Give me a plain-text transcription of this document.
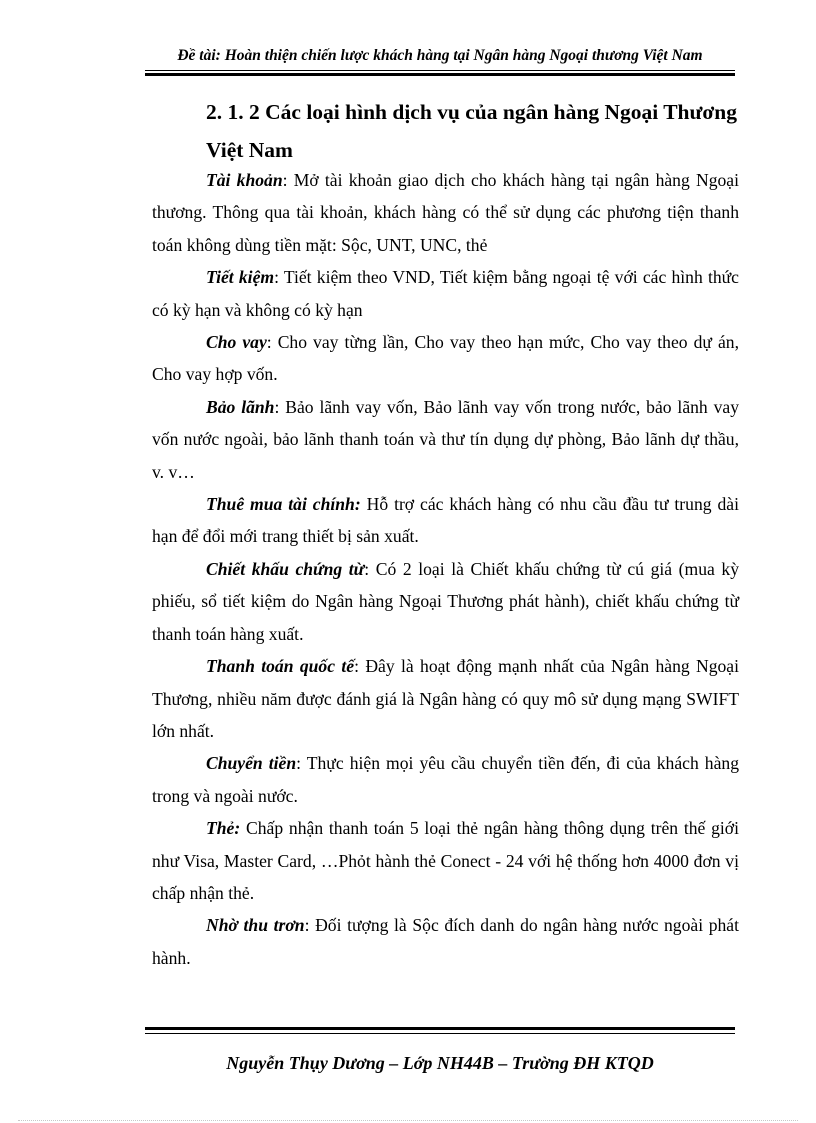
Đề tài: Hoàn thiện chiến lược khách hàng tại Ngân hàng Ngoại thương Việt Nam
2. 1. 2 Các loại hình dịch vụ của ngân hàng Ngoại Thương Việt Nam

Tài khoản: Mở tài khoản giao dịch cho khách hàng tại ngân hàng Ngoại thương. Thông qua tài khoản, khách hàng có thể sử dụng các phương tiện thanh toán không dùng tiền mặt: Sộc, UNT, UNC, thẻ

Tiết kiệm: Tiết kiệm theo VND, Tiết kiệm bằng ngoại tệ với các hình thức có kỳ hạn và không có kỳ hạn

Cho vay: Cho vay từng lần, Cho vay theo hạn mức, Cho vay theo dự án, Cho vay hợp vốn.

Bảo lãnh: Bảo lãnh vay vốn, Bảo lãnh vay vốn trong nước, bảo lãnh vay vốn nước ngoài, bảo lãnh thanh toán và thư tín dụng dự phòng, Bảo lãnh dự thầu, v. v…

Thuê mua tài chính: Hỗ trợ các khách hàng có nhu cầu đầu tư trung dài hạn để đổi mới trang thiết bị sản xuất.

Chiết khấu chứng từ: Có 2 loại là Chiết khấu chứng từ cú giá (mua kỳ phiếu, sổ tiết kiệm do Ngân hàng Ngoại Thương phát hành), chiết khấu chứng từ thanh toán hàng xuất.

Thanh toán quốc tế: Đây là hoạt động mạnh nhất của Ngân hàng Ngoại Thương, nhiều năm được đánh giá là Ngân hàng có quy mô sử dụng mạng SWIFT lớn nhất.

Chuyển tiền: Thực hiện mọi yêu cầu chuyển tiền đến, đi của khách hàng trong và ngoài nước.

Thẻ: Chấp nhận thanh toán 5 loại thẻ ngân hàng thông dụng trên thế giới như Visa, Master Card, …Phỏt hành thẻ Conect - 24 với hệ thống hơn 4000 đơn vị chấp nhận thẻ.

Nhờ thu trơn: Đối tượng là Sộc đích danh do ngân hàng nước ngoài phát hành.

Nguyễn Thụy Dương – Lớp NH44B – Trường ĐH KTQD
